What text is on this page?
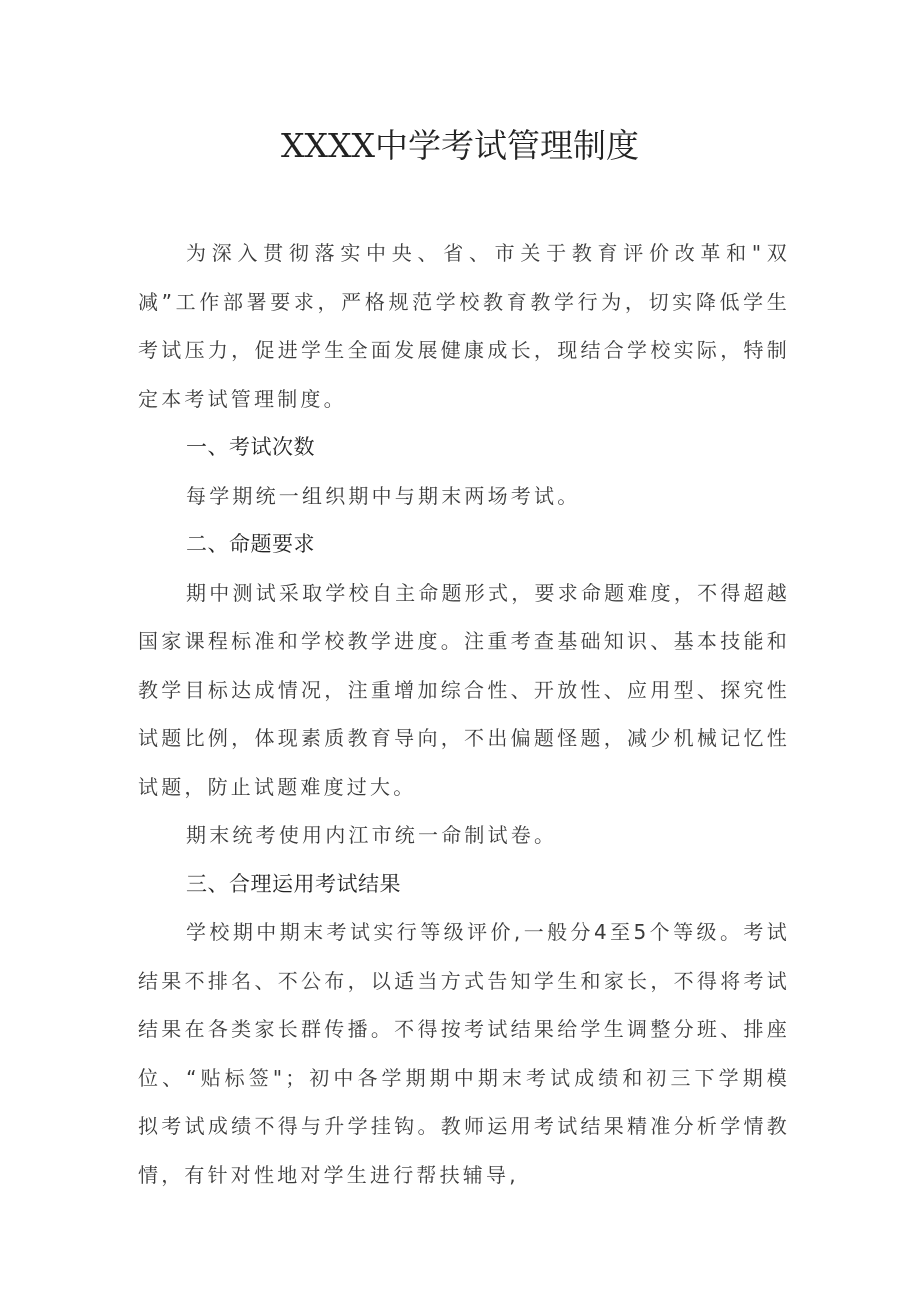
XXXX中学考试管理制度

为深入贯彻落实中央、省、市关于教育评价改革和"双减”工作部署要求，严格规范学校教育教学行为，切实降低学生考试压力，促进学生全面发展健康成长，现结合学校实际，特制定本考试管理制度。

一、考试次数

每学期统一组织期中与期末两场考试。

二、命题要求

期中测试采取学校自主命题形式，要求命题难度，不得超越国家课程标准和学校教学进度。注重考查基础知识、基本技能和教学目标达成情况，注重增加综合性、开放性、应用型、探究性试题比例，体现素质教育导向，不出偏题怪题，减少机械记忆性试题，防止试题难度过大。

期末统考使用内江市统一命制试卷。

三、合理运用考试结果

学校期中期末考试实行等级评价,一般分4至5个等级。考试结果不排名、不公布，以适当方式告知学生和家长，不得将考试结果在各类家长群传播。不得按考试结果给学生调整分班、排座位、“贴标签"；初中各学期期中期末考试成绩和初三下学期模拟考试成绩不得与升学挂钩。教师运用考试结果精准分析学情教情，有针对性地对学生进行帮扶辅导,
